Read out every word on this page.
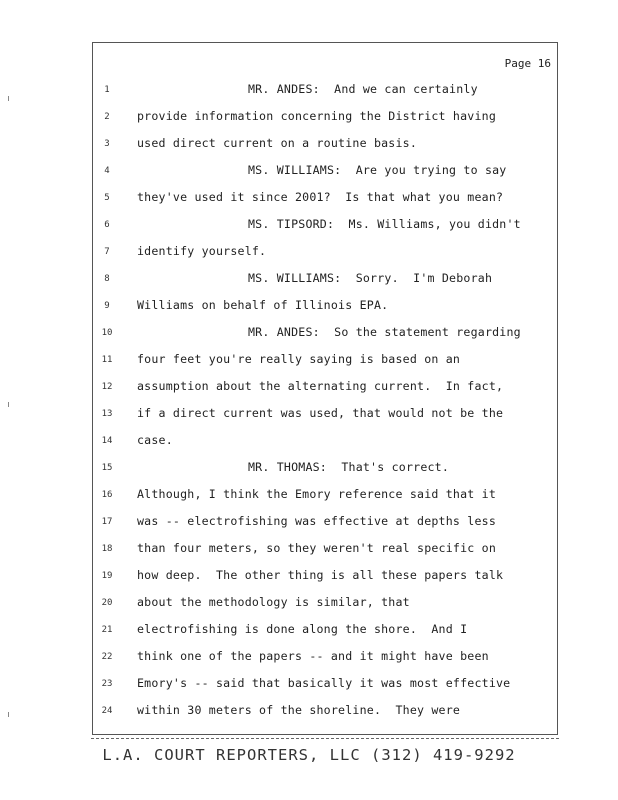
Page 16
1	MR. ANDES:  And we can certainly
2	provide information concerning the District having
3	used direct current on a routine basis.
4	MS. WILLIAMS:  Are you trying to say
5	they've used it since 2001?  Is that what you mean?
6	MS. TIPSORD:  Ms. Williams, you didn't
7	identify yourself.
8	MS. WILLIAMS:  Sorry.  I'm Deborah
9	Williams on behalf of Illinois EPA.
10	MR. ANDES:  So the statement regarding
11	four feet you're really saying is based on an
12	assumption about the alternating current.  In fact,
13	if a direct current was used, that would not be the
14	case.
15	MR. THOMAS:  That's correct.
16	Although, I think the Emory reference said that it
17	was -- electrofishing was effective at depths less
18	than four meters, so they weren't real specific on
19	how deep.  The other thing is all these papers talk
20	about the methodology is similar, that
21	electrofishing is done along the shore.  And I
22	think one of the papers -- and it might have been
23	Emory's -- said that basically it was most effective
24	within 30 meters of the shoreline.  They were
L.A. COURT REPORTERS, LLC (312) 419-9292
